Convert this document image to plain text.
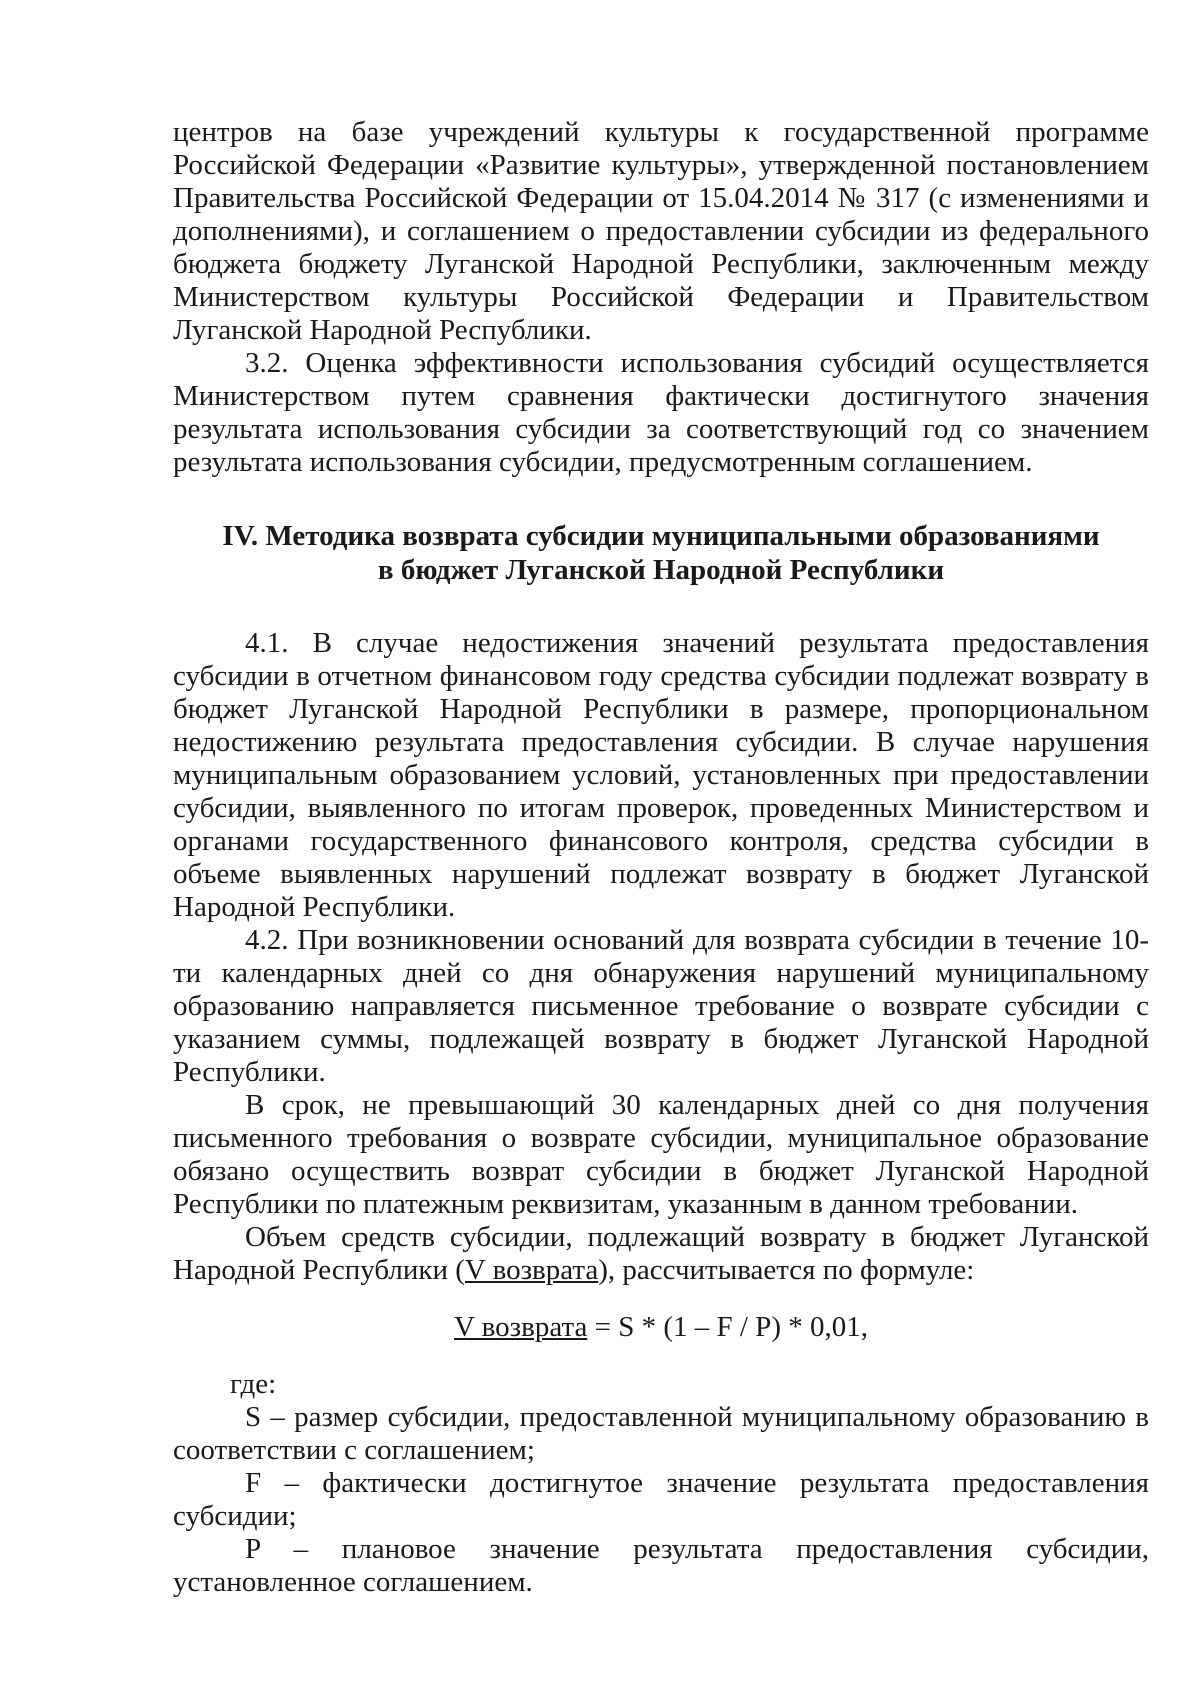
центров на базе учреждений культуры к государственной программе Российской Федерации «Развитие культуры», утвержденной постановлением Правительства Российской Федерации от 15.04.2014 № 317 (с изменениями и дополнениями), и соглашением о предоставлении субсидии из федерального бюджета бюджету Луганской Народной Республики, заключенным между Министерством культуры Российской Федерации и Правительством Луганской Народной Республики.

3.2. Оценка эффективности использования субсидий осуществляется Министерством путем сравнения фактически достигнутого значения результата использования субсидии за соответствующий год со значением результата использования субсидии, предусмотренным соглашением.

IV. Методика возврата субсидии муниципальными образованиями
в бюджет Луганской Народной Республики

4.1. В случае недостижения значений результата предоставления субсидии в отчетном финансовом году средства субсидии подлежат возврату в бюджет Луганской Народной Республики в размере, пропорциональном недостижению результата предоставления субсидии. В случае нарушения муниципальным образованием условий, установленных при предоставлении субсидии, выявленного по итогам проверок, проведенных Министерством и органами государственного финансового контроля, средства субсидии в объеме выявленных нарушений подлежат возврату в бюджет Луганской Народной Республики.

4.2. При возникновении оснований для возврата субсидии в течение 10-ти календарных дней со дня обнаружения нарушений муниципальному образованию направляется письменное требование о возврате субсидии с указанием суммы, подлежащей возврату в бюджет Луганской Народной Республики.

В срок, не превышающий 30 календарных дней со дня получения письменного требования о возврате субсидии, муниципальное образование обязано осуществить возврат субсидии в бюджет Луганской Народной Республики по платежным реквизитам, указанным в данном требовании.

Объем средств субсидии, подлежащий возврату в бюджет Луганской Народной Республики (V возврата), рассчитывается по формуле:

V возврата = S * (1 – F / P) * 0,01,

где:

S – размер субсидии, предоставленной муниципальному образованию в соответствии с соглашением;

F – фактически достигнутое значение результата предоставления субсидии;

P – плановое значение результата предоставления субсидии, установленное соглашением.
